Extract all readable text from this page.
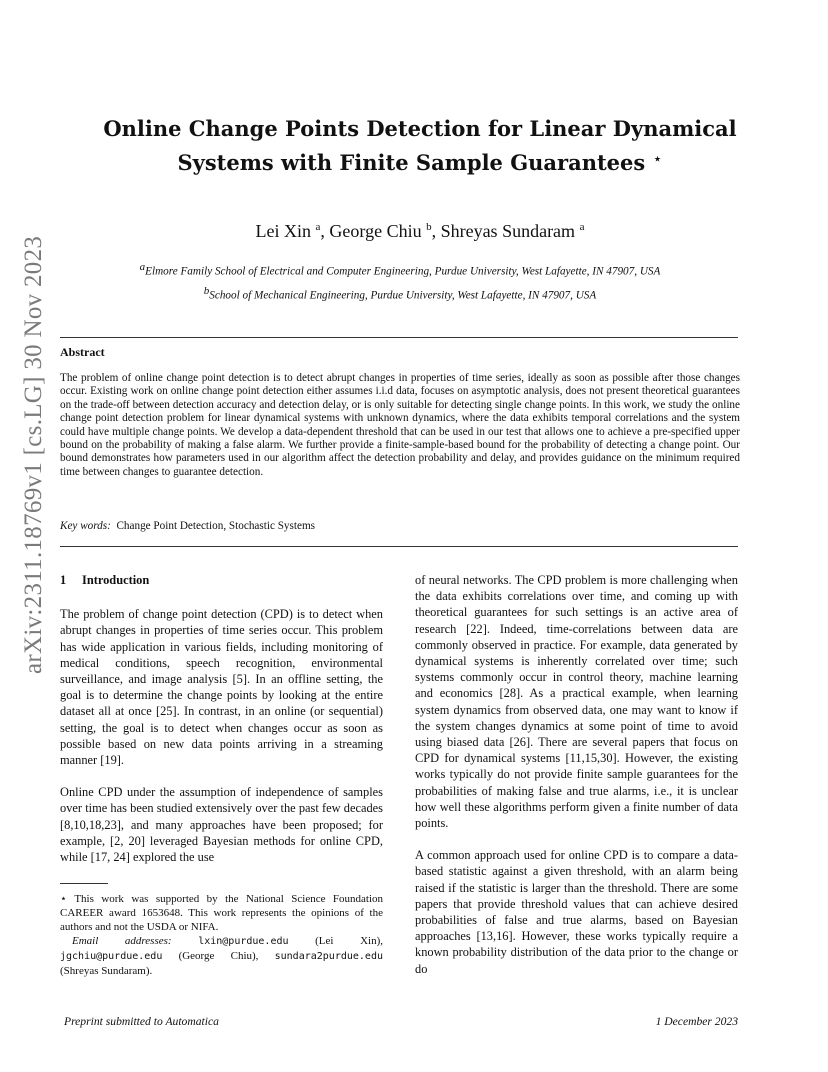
arXiv:2311.18769v1 [cs.LG] 30 Nov 2023
Online Change Points Detection for Linear Dynamical
Systems with Finite Sample Guarantees ⋆
Lei Xin $^a$, George Chiu $^b$, Shreyas Sundaram $^a$
$^a$Elmore Family School of Electrical and Computer Engineering, Purdue University, West Lafayette, IN 47907, USA
$^b$School of Mechanical Engineering, Purdue University, West Lafayette, IN 47907, USA
Abstract

The problem of online change point detection is to detect abrupt changes in properties of time series, ideally as soon as possible after those changes occur. Existing work on online change point detection either assumes i.i.d data, focuses on asymptotic analysis, does not present theoretical guarantees on the trade-off between detection accuracy and detection delay, or is only suitable for detecting single change points. In this work, we study the online change point detection problem for linear dynamical systems with unknown dynamics, where the data exhibits temporal correlations and the system could have multiple change points. We develop a data-dependent threshold that can be used in our test that allows one to achieve a pre-specified upper bound on the probability of making a false alarm. We further provide a finite-sample-based bound for the probability of detecting a change point. Our bound demonstrates how parameters used in our algorithm affect the detection probability and delay, and provides guidance on the minimum required time between changes to guarantee detection.

Key words: Change Point Detection, Stochastic Systems
1 Introduction

The problem of change point detection (CPD) is to detect when abrupt changes in properties of time series occur. This problem has wide application in various fields, including monitoring of medical conditions, speech recognition, environmental surveillance, and image analysis [5]. In an offline setting, the goal is to determine the change points by looking at the entire dataset all at once [25]. In contrast, in an online (or sequential) setting, the goal is to detect when changes occur as soon as possible based on new data points arriving in a streaming manner [19].

Online CPD under the assumption of independence of samples over time has been studied extensively over the past few decades [8,10,18,23], and many approaches have been proposed; for example, [2, 20] leveraged Bayesian methods for online CPD, while [17, 24] explored the use

of neural networks. The CPD problem is more challenging when the data exhibits correlations over time, and coming up with theoretical guarantees for such settings is an active area of research [22]. Indeed, time-correlations between data are commonly observed in practice. For example, data generated by dynamical systems is inherently correlated over time; such systems commonly occur in control theory, machine learning and economics [28]. As a practical example, when learning system dynamics from observed data, one may want to know if the system changes dynamics at some point of time to avoid using biased data [26]. There are several papers that focus on CPD for dynamical systems [11,15,30]. However, the existing works typically do not provide finite sample guarantees for the probabilities of making false and true alarms, i.e., it is unclear how well these algorithms perform given a finite number of data points.

A common approach used for online CPD is to compare a data-based statistic against a given threshold, with an alarm being raised if the statistic is larger than the threshold. There are some papers that provide threshold values that can achieve desired probabilities of false and true alarms, based on Bayesian approaches [13,16]. However, these works typically require a known probability distribution of the data prior to the change or do

⋆ This work was supported by the National Science Foundation CAREER award 1653648. This work represents the opinions of the authors and not the USDA or NIFA.

Email addresses:	lxin@purdue.edu (Lei Xin), jgchiu@purdue.edu (George Chiu), sundara2purdue.edu (Shreyas Sundaram).

Preprint submitted to Automatica	1 December 2023
